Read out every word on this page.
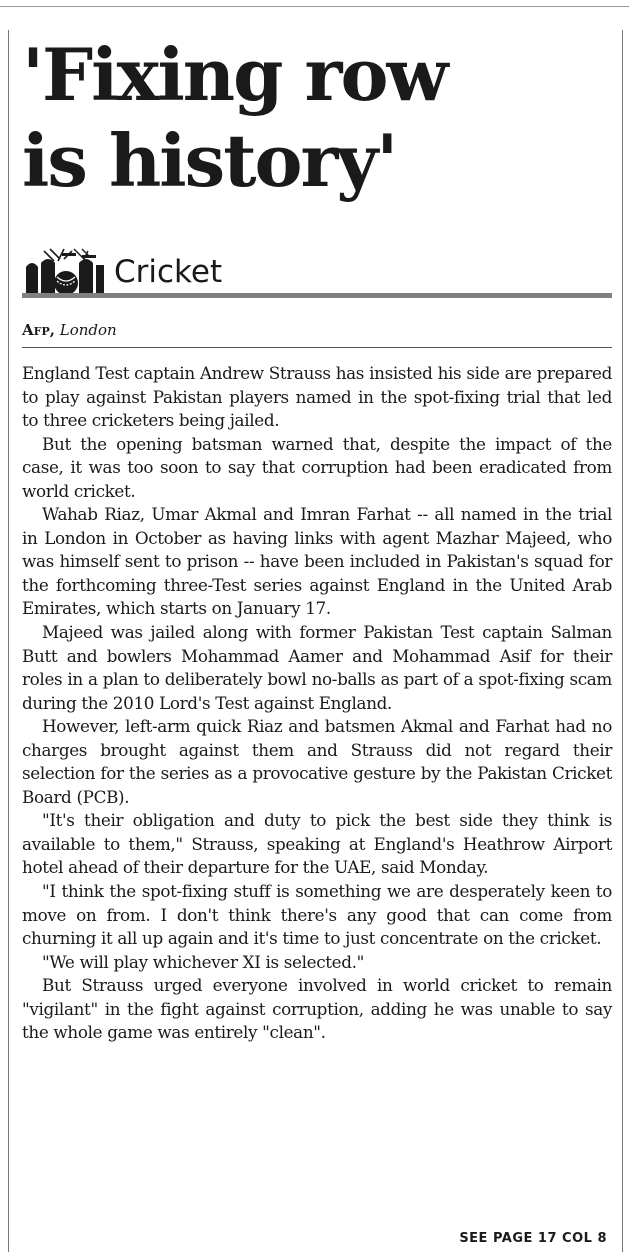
'Fixing row
is history'
Cricket
Afp, London

England Test captain Andrew Strauss has insisted his side are prepared to play against Pakistan players named in the spot-fixing trial that led to three cricketers being jailed.

But the opening batsman warned that, despite the impact of the case, it was too soon to say that corruption had been eradicated from world cricket.

Wahab Riaz, Umar Akmal and Imran Farhat -- all named in the trial in London in October as having links with agent Mazhar Majeed, who was himself sent to prison -- have been included in Pakistan's squad for the forthcoming three-Test series against England in the United Arab Emirates, which starts on January 17.

Majeed was jailed along with former Pakistan Test captain Salman Butt and bowlers Mohammad Aamer and Mohammad Asif for their roles in a plan to deliberately bowl no-balls as part of a spot-fixing scam during the 2010 Lord's Test against England.

However, left-arm quick Riaz and batsmen Akmal and Farhat had no charges brought against them and Strauss did not regard their selection for the series as a provocative gesture by the Pakistan Cricket Board (PCB).

"It's their obligation and duty to pick the best side they think is available to them," Strauss, speaking at England's Heathrow Airport hotel ahead of their departure for the UAE, said Monday.

"I think the spot-fixing stuff is something we are desperately keen to move on from. I don't think there's any good that can come from churning it all up again and it's time to just concentrate on the cricket.

"We will play whichever XI is selected."

But Strauss urged everyone involved in world cricket to remain "vigilant" in the fight against corruption, adding he was unable to say the whole game was entirely "clean".

SEE PAGE 17 COL 8
